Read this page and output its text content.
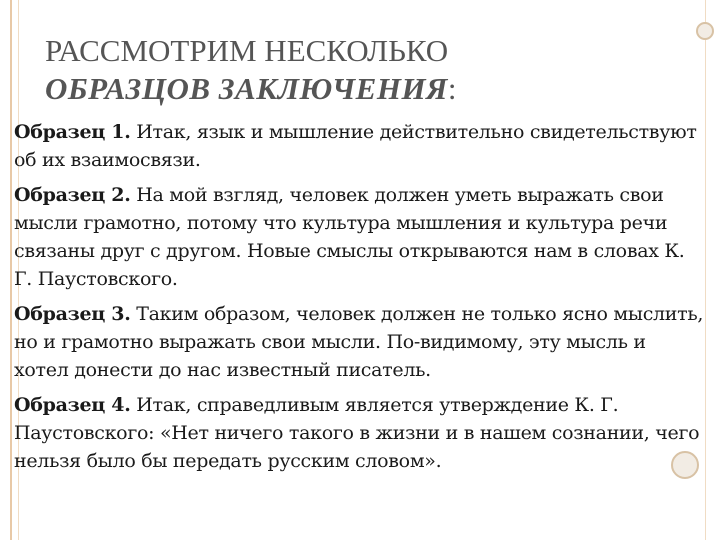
РАССМОТРИМ НЕСКОЛЬКО
ОБРАЗЦОВ ЗАКЛЮЧЕНИЯ:

Образец 1. Итак, язык и мышление действительно свидетельствуют об их взаимосвязи.

Образец 2. На мой взгляд, человек должен уметь выражать свои мысли грамотно, потому что культура мышления и культура речи связаны друг с другом. Новые смыслы открываются нам в словах К. Г. Паустовского.

Образец 3. Таким образом, человек должен не только ясно мыслить, но и грамотно выражать свои мысли. По-видимому, эту мысль и хотел донести до нас известный писатель.

Образец 4. Итак, справедливым является утверждение К. Г. Паустовского: «Нет ничего такого в жизни и в нашем сознании, чего нельзя было бы передать русским словом».
